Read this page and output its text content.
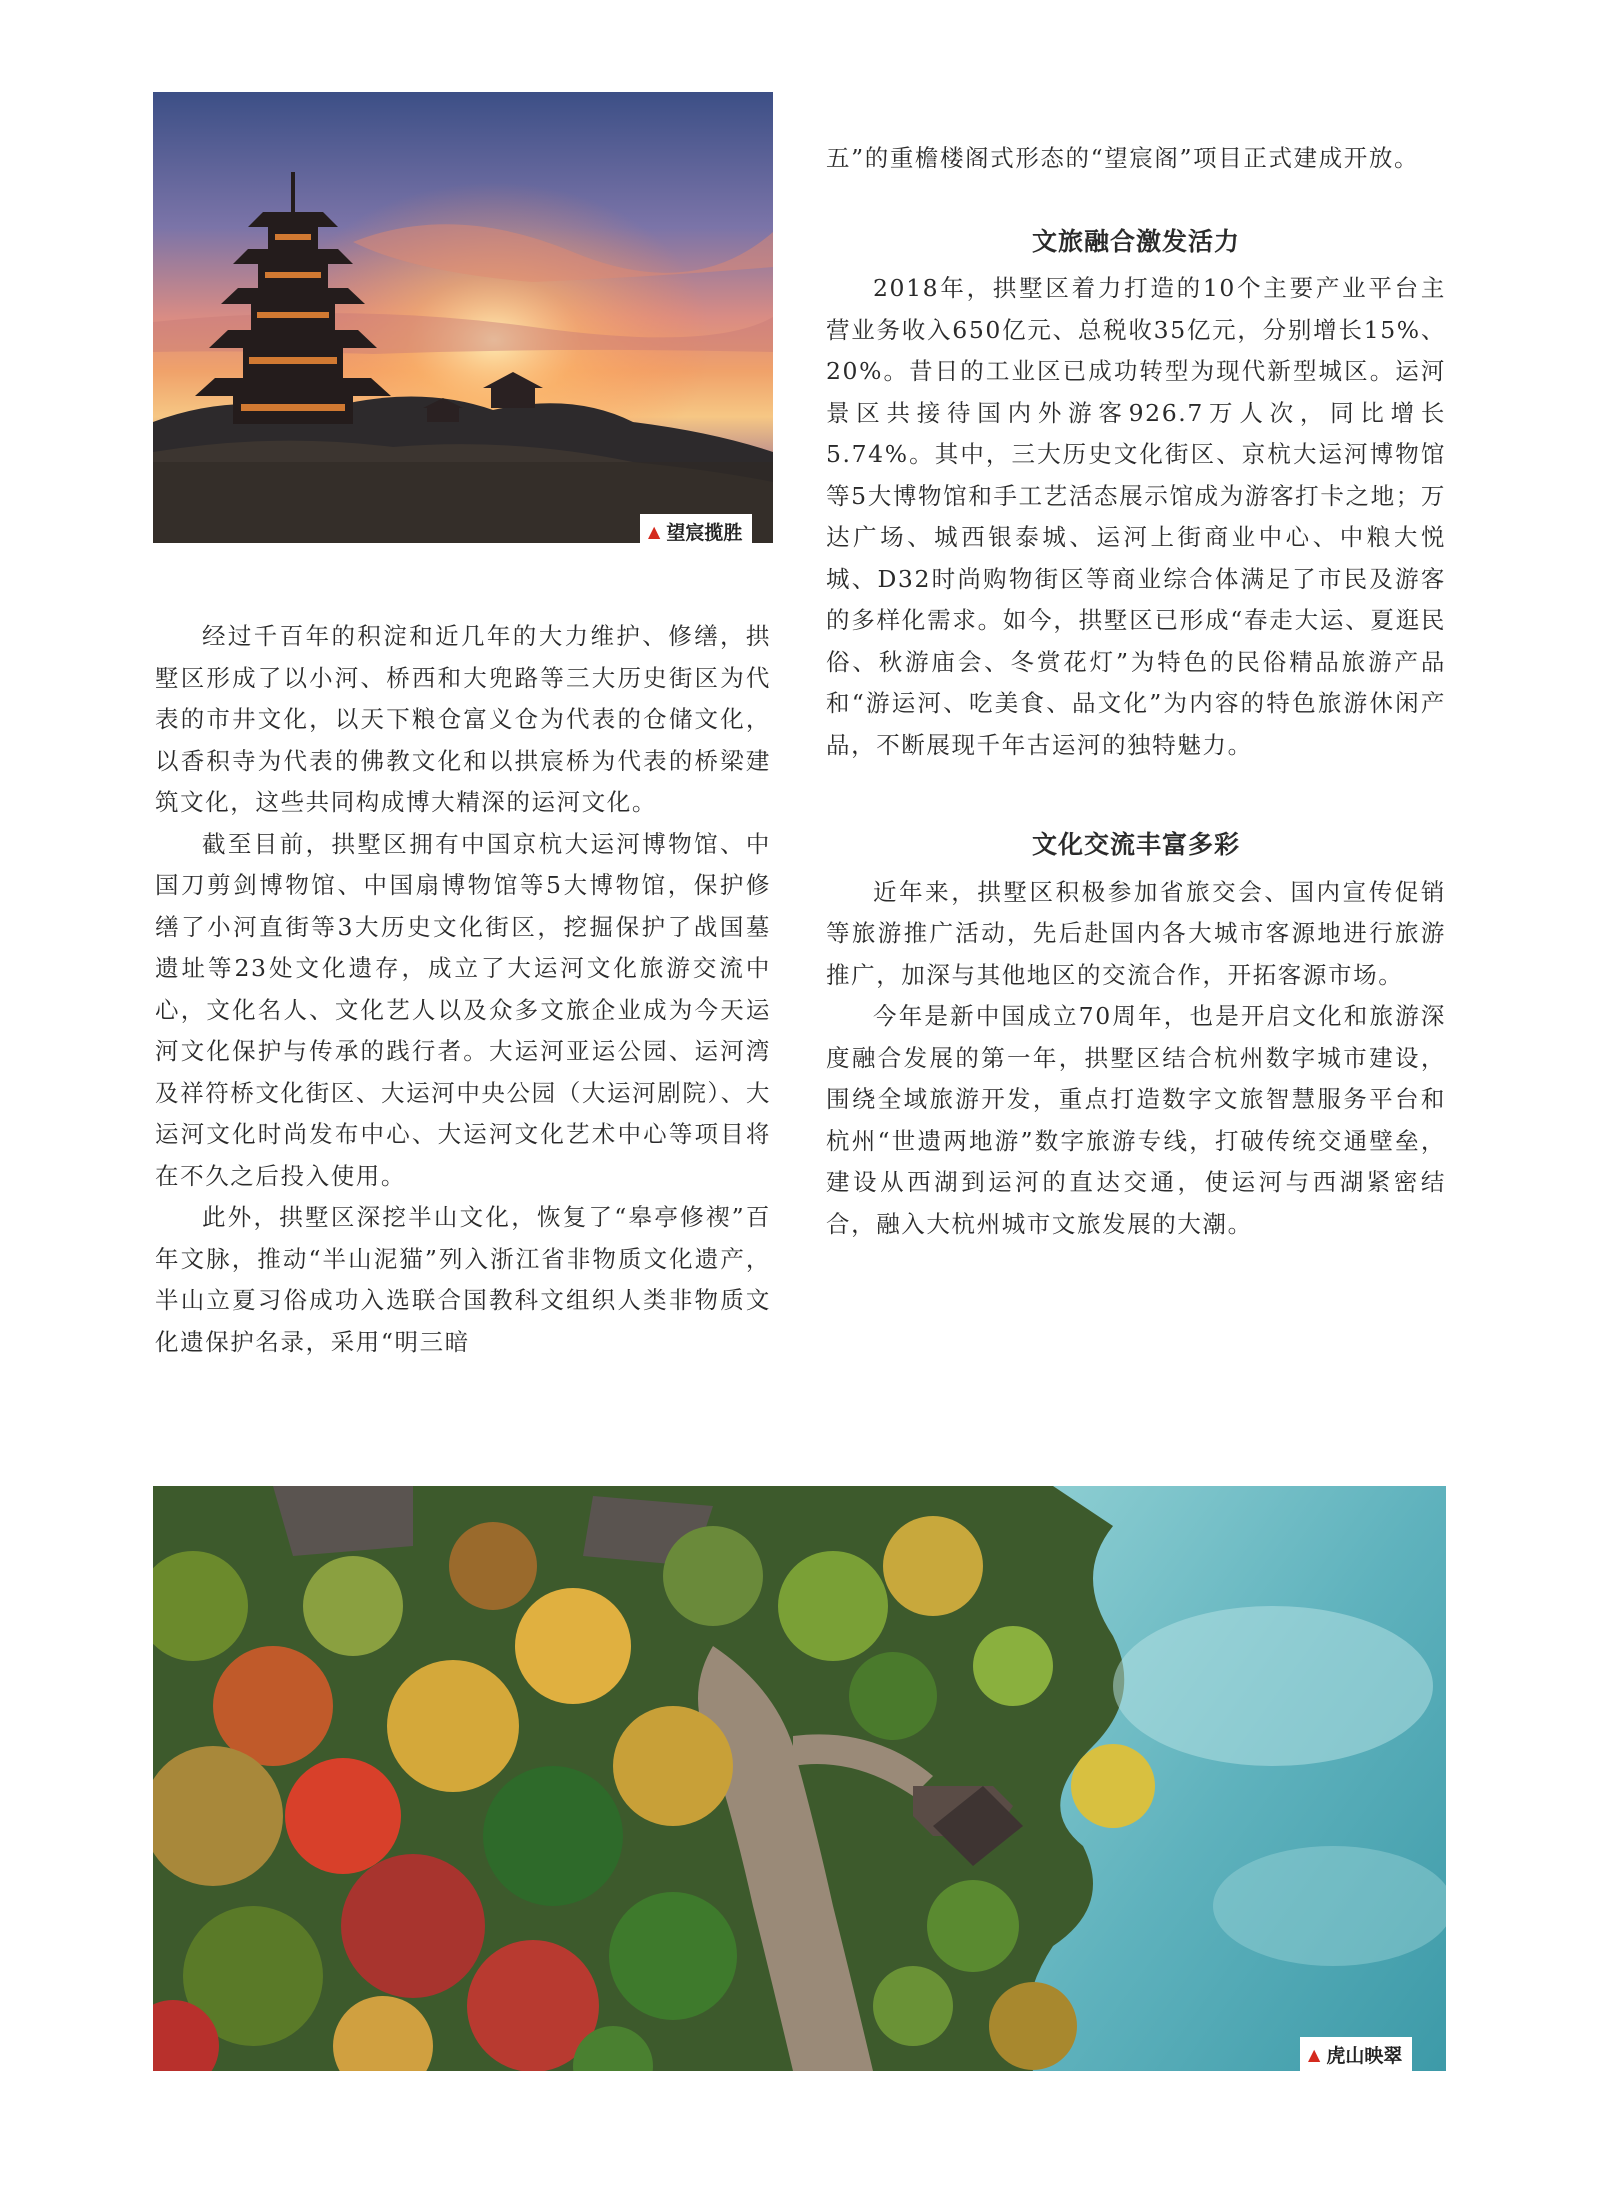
▲ 望宸揽胜

经过千百年的积淀和近几年的大力维护、修缮，拱墅区形成了以小河、桥西和大兜路等三大历史街区为代表的市井文化，以天下粮仓富义仓为代表的仓储文化，以香积寺为代表的佛教文化和以拱宸桥为代表的桥梁建筑文化，这些共同构成博大精深的运河文化。

截至目前，拱墅区拥有中国京杭大运河博物馆、中国刀剪剑博物馆、中国扇博物馆等5大博物馆，保护修缮了小河直街等3大历史文化街区，挖掘保护了战国墓遗址等23处文化遗存，成立了大运河文化旅游交流中心，文化名人、文化艺人以及众多文旅企业成为今天运河文化保护与传承的践行者。大运河亚运公园、运河湾及祥符桥文化街区、大运河中央公园（大运河剧院）、大运河文化时尚发布中心、大运河文化艺术中心等项目将在不久之后投入使用。

此外，拱墅区深挖半山文化，恢复了“皋亭修禊”百年文脉，推动“半山泥猫”列入浙江省非物质文化遗产，半山立夏习俗成功入选联合国教科文组织人类非物质文化遗保护名录，采用“明三暗

五”的重檐楼阁式形态的“望宸阁”项目正式建成开放。

文旅融合激发活力

2018年，拱墅区着力打造的10个主要产业平台主营业务收入650亿元、总税收35亿元，分别增长15%、20%。昔日的工业区已成功转型为现代新型城区。运河景区共接待国内外游客926.7万人次，同比增长5.74%。其中，三大历史文化街区、京杭大运河博物馆等5大博物馆和手工艺活态展示馆成为游客打卡之地；万达广场、城西银泰城、运河上街商业中心、中粮大悦城、D32时尚购物街区等商业综合体满足了市民及游客的多样化需求。如今，拱墅区已形成“春走大运、夏逛民俗、秋游庙会、冬赏花灯”为特色的民俗精品旅游产品和“游运河、吃美食、品文化”为内容的特色旅游休闲产品，不断展现千年古运河的独特魅力。

文化交流丰富多彩

近年来，拱墅区积极参加省旅交会、国内宣传促销等旅游推广活动，先后赴国内各大城市客源地进行旅游推广，加深与其他地区的交流合作，开拓客源市场。

今年是新中国成立70周年，也是开启文化和旅游深度融合发展的第一年，拱墅区结合杭州数字城市建设，围绕全域旅游开发，重点打造数字文旅智慧服务平台和杭州“世遗两地游”数字旅游专线，打破传统交通壁垒，建设从西湖到运河的直达交通，使运河与西湖紧密结合，融入大杭州城市文旅发展的大潮。

▲ 虎山映翠
